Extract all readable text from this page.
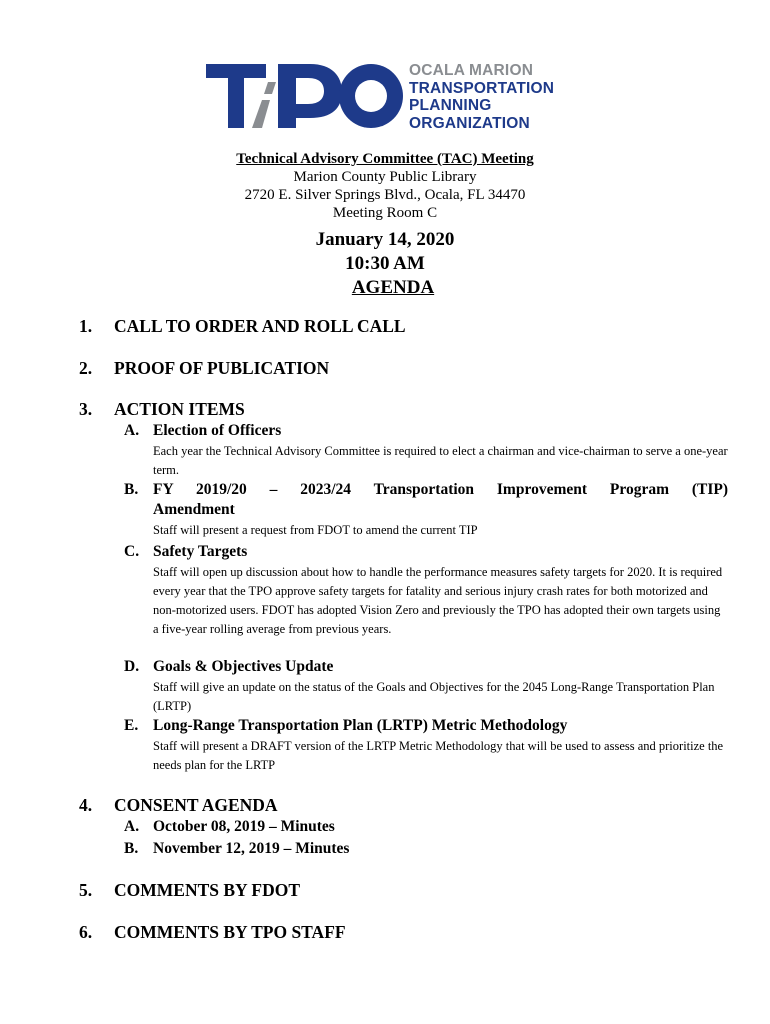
OCALA MARION
TRANSPORTATION
PLANNING
ORGANIZATION
Technical Advisory Committee (TAC) Meeting
Marion County Public Library
2720 E. Silver Springs Blvd., Ocala, FL 34470
Meeting Room C
January 14, 2020
10:30 AM
AGENDA
1. CALL TO ORDER AND ROLL CALL
2. PROOF OF PUBLICATION
3. ACTION ITEMS
A. Election of Officers
Each year the Technical Advisory Committee is required to elect a chairman and vice-chairman to serve a one-year term.
B. FY 2019/20 – 2023/24 Transportation Improvement Program (TIP)
Amendment
Staff will present a request from FDOT to amend the current TIP
C. Safety Targets
Staff will open up discussion about how to handle the performance measures safety targets for 2020. It is required every year that the TPO approve safety targets for fatality and serious injury crash rates for both motorized and non-motorized users. FDOT has adopted Vision Zero and previously the TPO has adopted their own targets using a five-year rolling average from previous years.
D. Goals & Objectives Update
Staff will give an update on the status of the Goals and Objectives for the 2045 Long-Range Transportation Plan (LRTP)
E. Long-Range Transportation Plan (LRTP) Metric Methodology
Staff will present a DRAFT version of the LRTP Metric Methodology that will be used to assess and prioritize the needs plan for the LRTP
4. CONSENT AGENDA
A. October 08, 2019 – Minutes
B. November 12, 2019 – Minutes
5. COMMENTS BY FDOT
6. COMMENTS BY TPO STAFF
